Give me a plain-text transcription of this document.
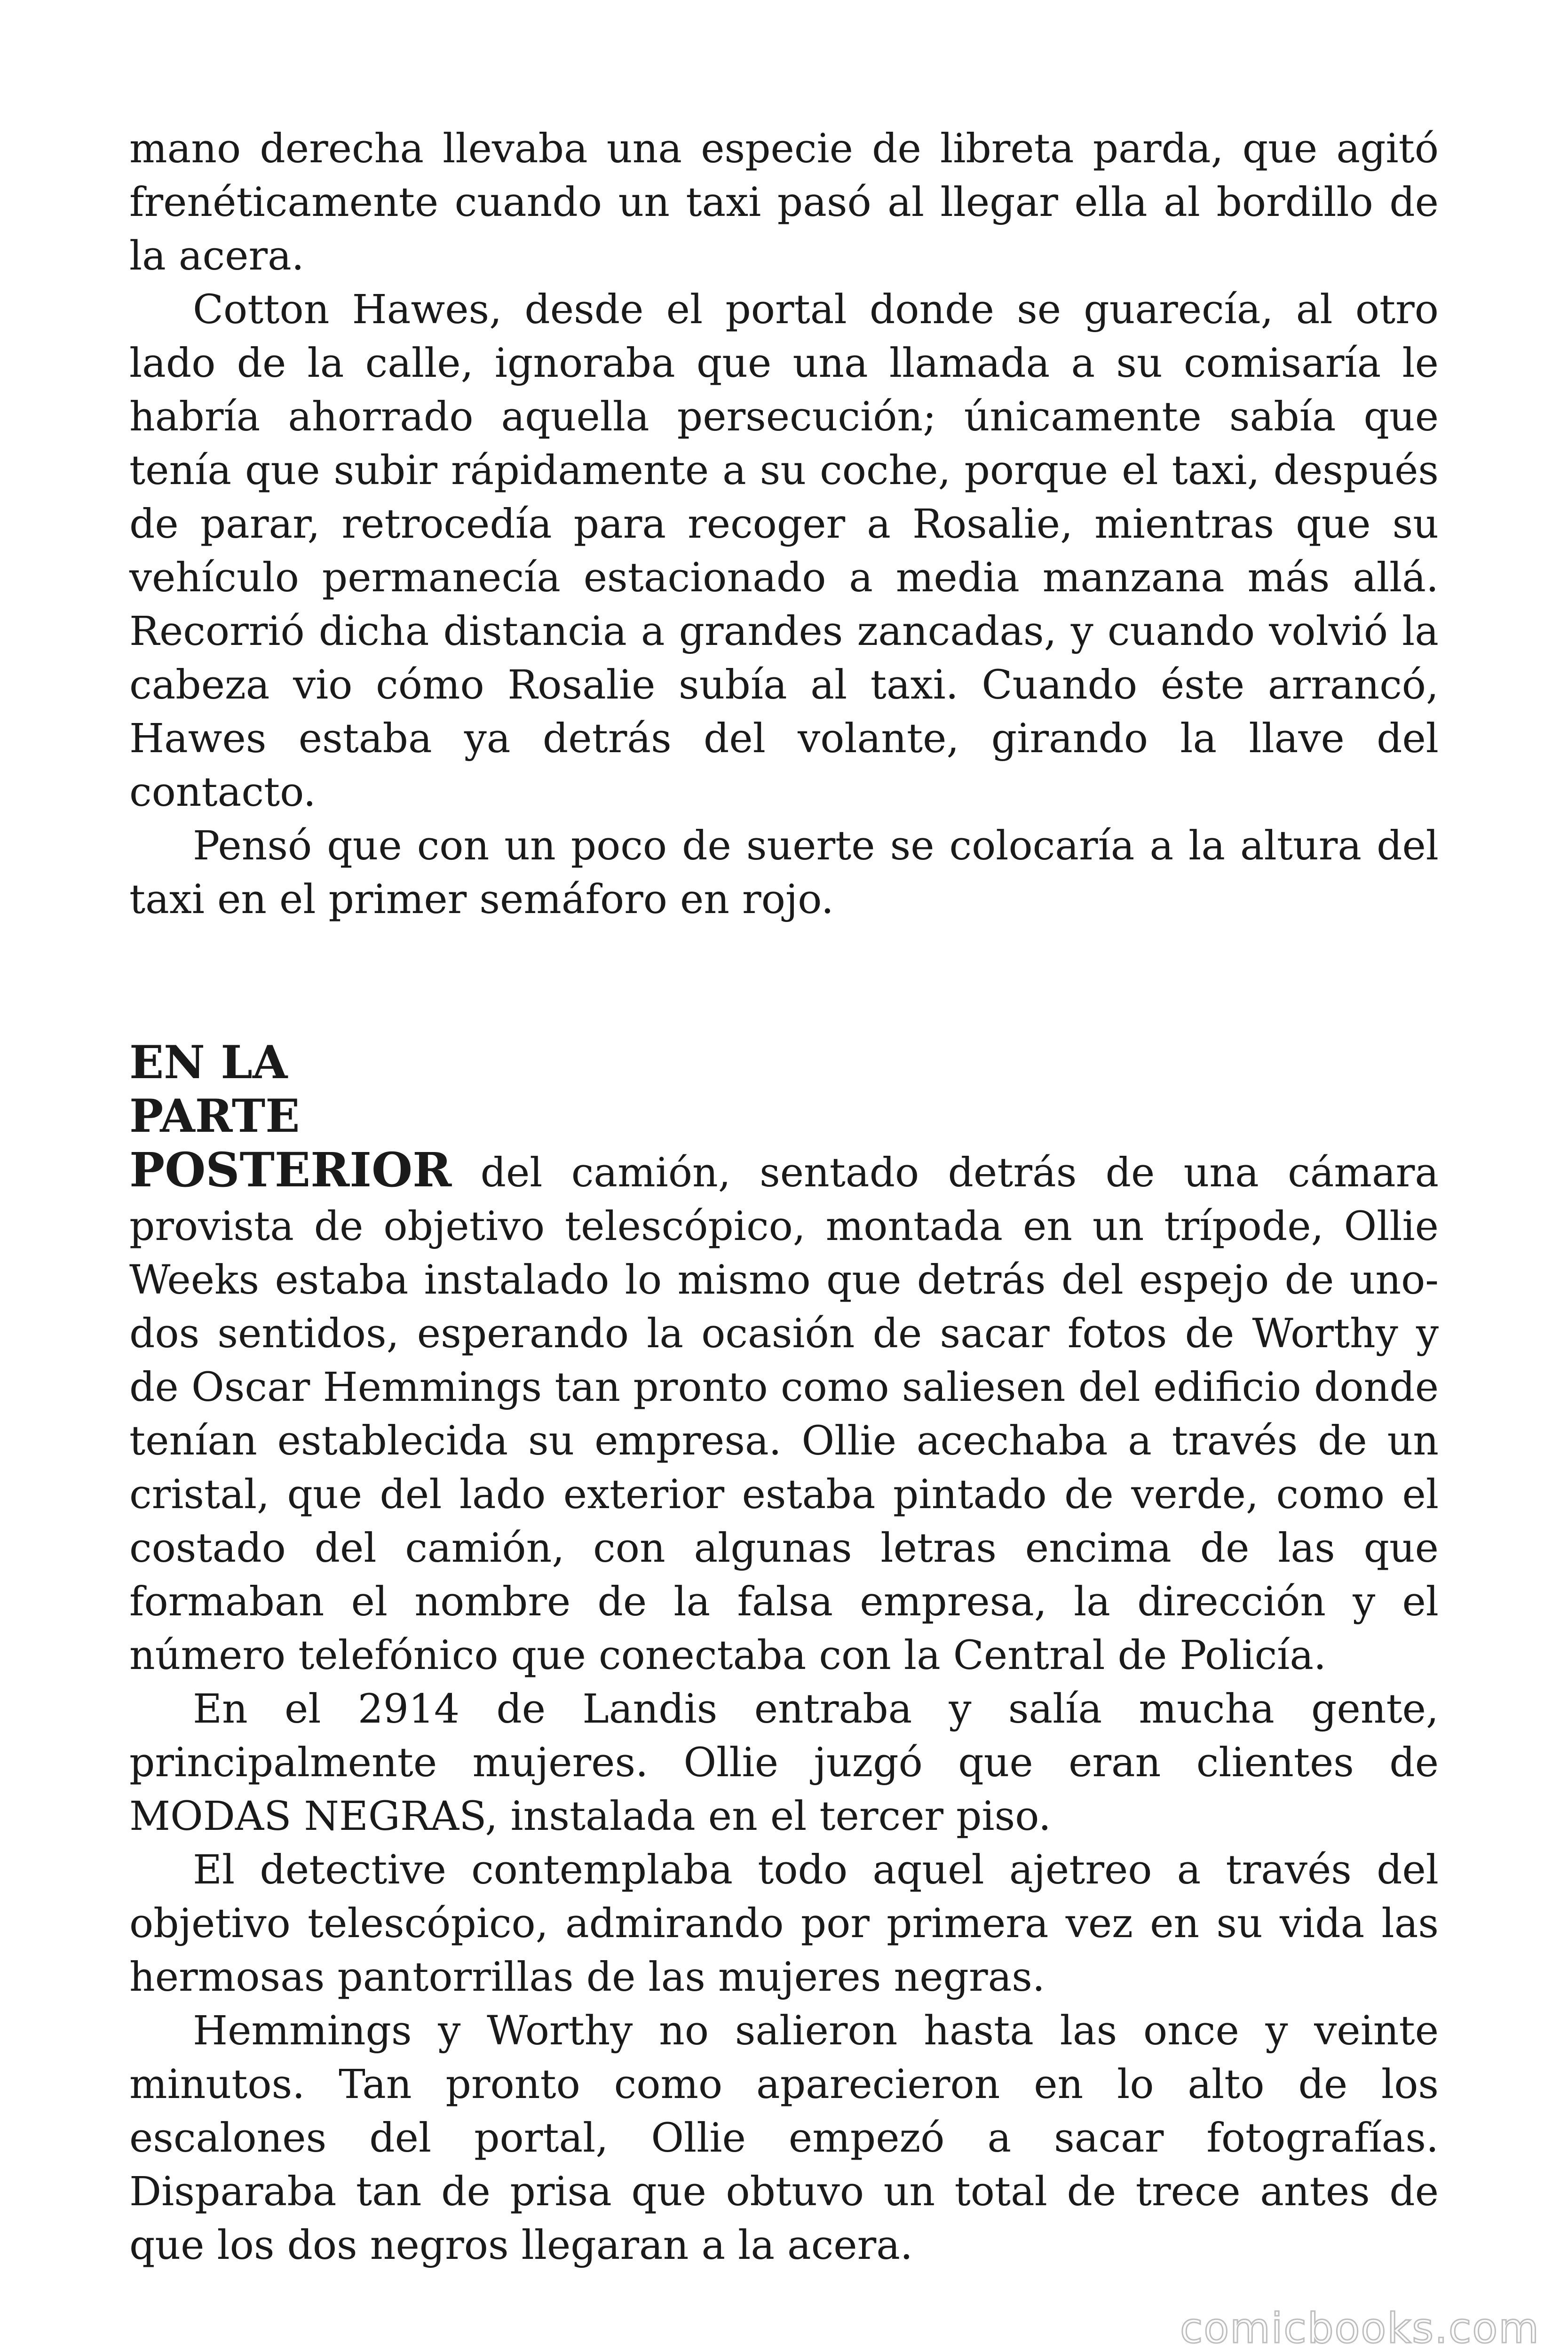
mano derecha llevaba una especie de libreta parda, que agitó frenéticamente cuando un taxi pasó al llegar ella al bordillo de la acera.

Cotton Hawes, desde el portal donde se guarecía, al otro lado de la calle, ignoraba que una llamada a su comisaría le habría ahorrado aquella persecución; únicamente sabía que tenía que subir rápidamente a su coche, porque el taxi, después de parar, retrocedía para recoger a Rosalie, mientras que su vehículo permanecía estacionado a media manzana más allá. Recorrió dicha distancia a grandes zancadas, y cuando volvió la cabeza vio cómo Rosalie subía al taxi. Cuando éste arrancó, Hawes estaba ya detrás del volante, girando la llave del contacto.

Pensó que con un poco de suerte se colocaría a la altura del taxi en el primer semáforo en rojo.

EN LA
PARTE

POSTERIOR del camión, sentado detrás de una cámara provista de objetivo telescópico, montada en un trípode, Ollie Weeks estaba instalado lo mismo que detrás del espejo de uno-dos sentidos, esperando la ocasión de sacar fotos de Worthy y de Oscar Hemmings tan pronto como saliesen del edificio donde tenían establecida su empresa. Ollie acechaba a través de un cristal, que del lado exterior estaba pintado de verde, como el costado del camión, con algunas letras encima de las que formaban el nombre de la falsa empresa, la dirección y el número telefónico que conectaba con la Central de Policía.

En el 2914 de Landis entraba y salía mucha gente, principalmente mujeres. Ollie juzgó que eran clientes de MODAS NEGRAS, instalada en el tercer piso.

El detective contemplaba todo aquel ajetreo a través del objetivo telescópico, admirando por primera vez en su vida las hermosas pantorrillas de las mujeres negras.

Hemmings y Worthy no salieron hasta las once y veinte minutos. Tan pronto como aparecieron en lo alto de los escalones del portal, Ollie empezó a sacar fotografías. Disparaba tan de prisa que obtuvo un total de trece antes de que los dos negros llegaran a la acera.

comicbooks.com
